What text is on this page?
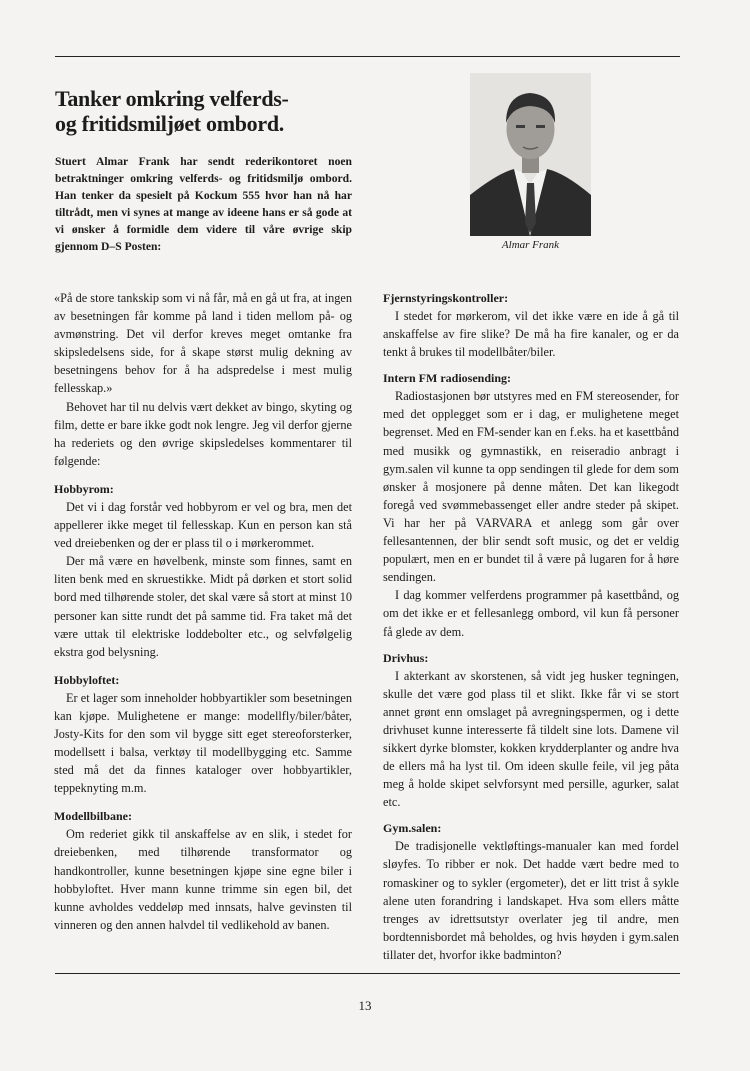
Tanker omkring velferds-
og fritidsmiljøet ombord.

Stuert Almar Frank har sendt rederikontoret noen betraktninger omkring velferds- og fritidsmiljø ombord. Han tenker da spesielt på Kockum 555 hvor han nå har tiltrådt, men vi synes at mange av ideene hans er så gode at vi ønsker å formidle dem videre til våre øvrige skip gjennom D–S Posten:	Almar Frank

«På de store tankskip som vi nå får, må en gå ut fra, at ingen av besetningen får komme på land i tiden mellom på- og avmønstring. Det vil derfor kreves meget omtanke fra skipsledelsens side, for å skape størst mulig dekning av besetningens behov for å ha adspredelse i mest mulig fellesskap.»

Behovet har til nu delvis vært dekket av bingo, skyting og film, dette er bare ikke godt nok lengre. Jeg vil derfor gjerne ha rederiets og den øvrige skipsledelses kommentarer til følgende:

Hobbyrom:

Det vi i dag forstår ved hobbyrom er vel og bra, men det appellerer ikke meget til fellesskap. Kun en person kan stå ved dreiebenken og der er plass til o i mørkerommet.

Der må være en høvelbenk, minste som finnes, samt en liten benk med en skruestikke. Midt på dørken et stort solid bord med tilhørende stoler, det skal være så stort at minst 10 personer kan sitte rundt det på samme tid. Fra taket må det være uttak til elektriske loddebolter etc., og selvfølgelig ekstra god belysning.

Hobbyloftet:

Er et lager som inneholder hobbyartikler som besetningen kan kjøpe. Mulighetene er mange: modellfly/biler/båter, Josty-Kits for den som vil bygge sitt eget stereoforsterker, modellsett i balsa, verktøy til modellbygging etc. Samme sted må det da finnes kataloger over hobbyartikler, teppeknyting m.m.

Modellbilbane:

Om rederiet gikk til anskaffelse av en slik, i stedet for dreiebenken, med tilhørende transformator og handkontroller, kunne besetningen kjøpe sine egne biler i hobbyloftet. Hver mann kunne trimme sin egen bil, det kunne avholdes veddeløp med innsats, halve gevinsten til vinneren og den annen halvdel til vedlikehold av banen.

Fjernstyringskontroller:

I stedet for mørkerom, vil det ikke være en ide å gå til anskaffelse av fire slike? De må ha fire kanaler, og er da tenkt å brukes til modellbåter/biler.

Intern FM radiosending:

Radiostasjonen bør utstyres med en FM stereosender, for med det opplegget som er i dag, er mulighetene meget begrenset. Med en FM-sender kan en f.eks. ha et kasettbånd med musikk og gymnastikk, en reiseradio anbragt i gym.salen vil kunne ta opp sendingen til glede for dem som ønsker å mosjonere på denne måten. Det kan likegodt foregå ved svømmebassenget eller andre steder på skipet. Vi har her på VARVARA et anlegg som går over fellesantennen, der blir sendt soft music, og det er veldig populært, men en er bundet til å være på lugaren for å høre sendingen.

I dag kommer velferdens programmer på kasettbånd, og om det ikke er et fellesanlegg ombord, vil kun få personer få glede av dem.

Drivhus:

I akterkant av skorstenen, så vidt jeg husker tegningen, skulle det være god plass til et slikt. Ikke får vi se stort annet grønt enn omslaget på avregningspermen, og i dette drivhuset kunne interesserte få tildelt sine lots. Damene vil sikkert dyrke blomster, kokken krydderplanter og andre hva de ellers må ha lyst til. Om ideen skulle feile, vil jeg påta meg å holde skipet selvforsynt med persille, agurker, salat etc.

Gym.salen:

De tradisjonelle vektløftings-manualer kan med fordel sløyfes. To ribber er nok. Det hadde vært bedre med to romaskiner og to sykler (ergometer), det er litt trist å sykle alene uten forandring i landskapet. Hva som ellers måtte trenges av idrettsutstyr overlater jeg til andre, men bordtennisbordet må beholdes, og hvis høyden i gym.salen tillater det, hvorfor ikke badminton?

13
